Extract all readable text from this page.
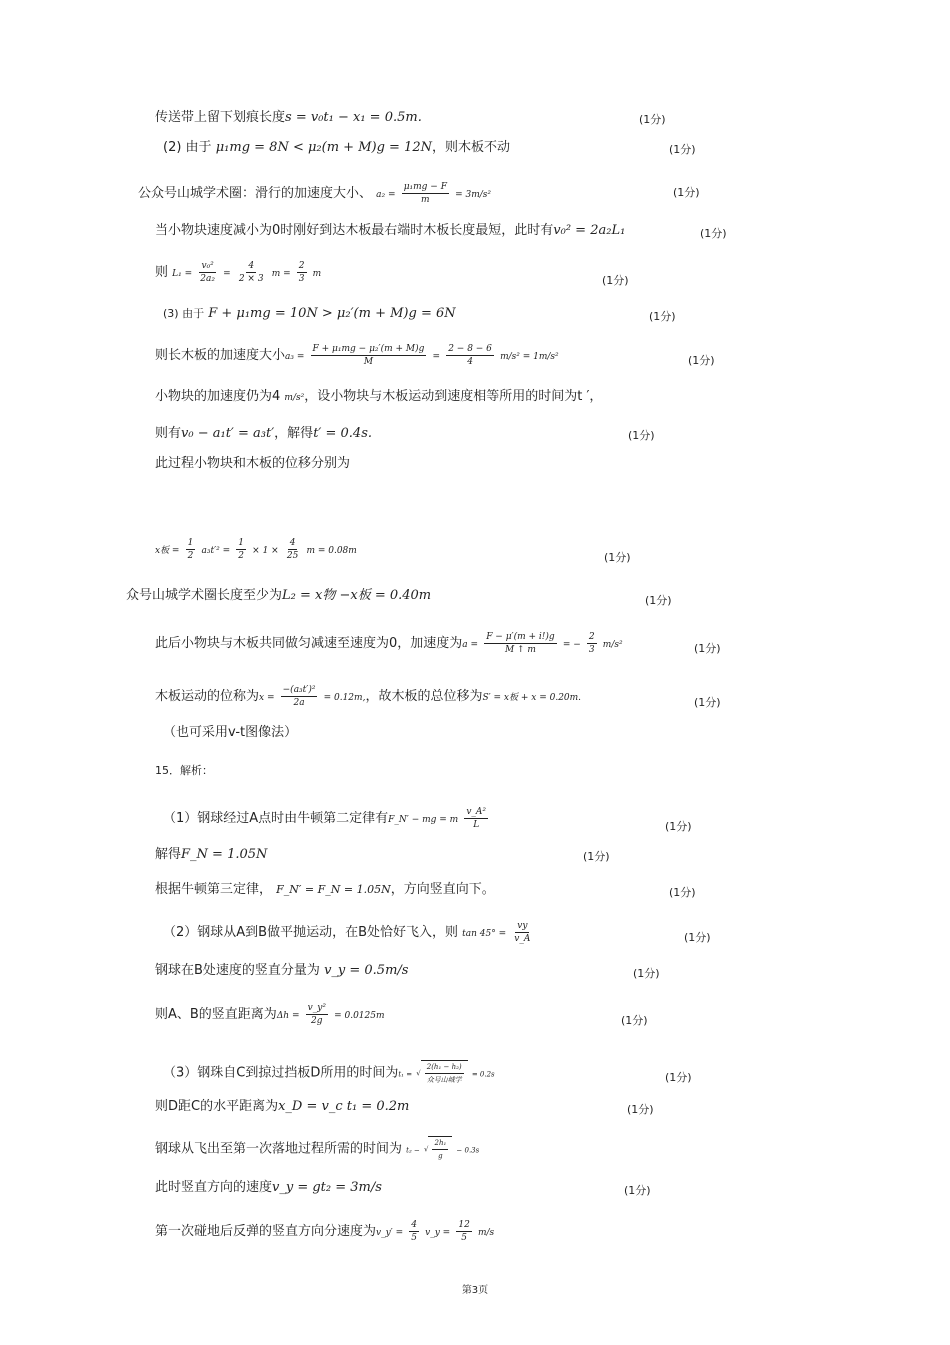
传送带上留下划痕长度s = v₀t₁ − x₁ = 0.5m.	(1分)
(2) 由于 μ₁mg = 8N < μ₂(m + M)g = 12N，则木板不动	(1分)
公众号山城学术圈：滑行的加速度大小、 $a_2 = \frac{\text{μ₁mg − F}}{m} = 3m/s^2$	(1分)
当小物块速度减小为0时刚好到达木板最右端时木板长度最短，此时有v₀² = 2a₂L₁	(1分)
则 $L_1 = \frac{\text{v₀²}}{\text{2a₂}} = \frac{4}{2 \times 3}$ $m = \frac{2}{3}$ m	(1分)
(3) 由于 F + μ₁mg = 10N > μ₂′(m + M)g = 6N	(1分)
则长木板的加速度大小$a_3 = \frac{\text{F + μ₁mg − μ₂′(m + M)g}}{M} = \frac{2 - 8 - 6}{4} m/s^2 = 1m/s^2$	(1分)
小物块的加速度仍为4 m/s²，设小物块与木板运动到速度相等所用的时间为t ′，
则有v₀ − a₁t′ = a₃t′，解得t′ = 0.4s.	(1分)
此过程小物块和木板的位移分别为
x板 = $\frac{1}{2} a_3t'^2 = \frac{1}{2} \times 1 \times \frac{4}{25}$ m = 0.08m	(1分)
众号山城学术圈长度至少为L₂ = x物 −x板 = 0.40m	(1分)
此后小物块与木板共同做匀减速至速度为0，加速度为$a = \frac{F - \mu'(m + i!)g}{M ↑ m}$ = − $\frac{2}{3} m/s^2$	(1分)
木板运动的位称为$x = \frac{\text{−(a₃t′)²}}{2a} = 0.12m$,，故木板的总位移为S′ = x板 + x = 0.20m.	(1分)
（也可采用v-t图像法）
15．解析：
（1）钢球经过A点时由牛顿第二定律有F_N′ − mg = m $\frac{\text{v\_A²}}{L}$	(1分)
解得F_N = 1.05N	(1分)
根据牛顿第三定律， F_N′ = F_N = 1.05N，方向竖直向下。	(1分)
（2）钢球从A到B做平抛运动，在B处恰好飞入，则 $\tan 45^\circ = \frac{vy}{v\_A}$	(1分)
钢球在B处速度的竖直分量为 v_y = 0.5m/s	(1分)
则A、B的竖直距离为$\Delta h = \frac{\text{v\_y²}}{2g} = 0.0125m$	(1分)
（3）钢珠自C到掠过挡板D所用的时间为t₁ = √ $\frac{\text{2(h₁ − h₂)}}{\text{众号山城学}} = 0.2s$	(1分)
则D距C的水平距离为x_D = v_c t₁ = 0.2m	(1分)
钢球从飞出至第一次落地过程所需的时间为 t₂ − √ $\frac{\text{2h₁}}{g} - 0.3s$
此时竖直方向的速度v_y = gt₂ = 3m/s	(1分)
第一次碰地后反弹的竖直方向分速度为v_y′ = $\frac{4}{5}$ v_y = $\frac{12}{5} m/s$
第3页
